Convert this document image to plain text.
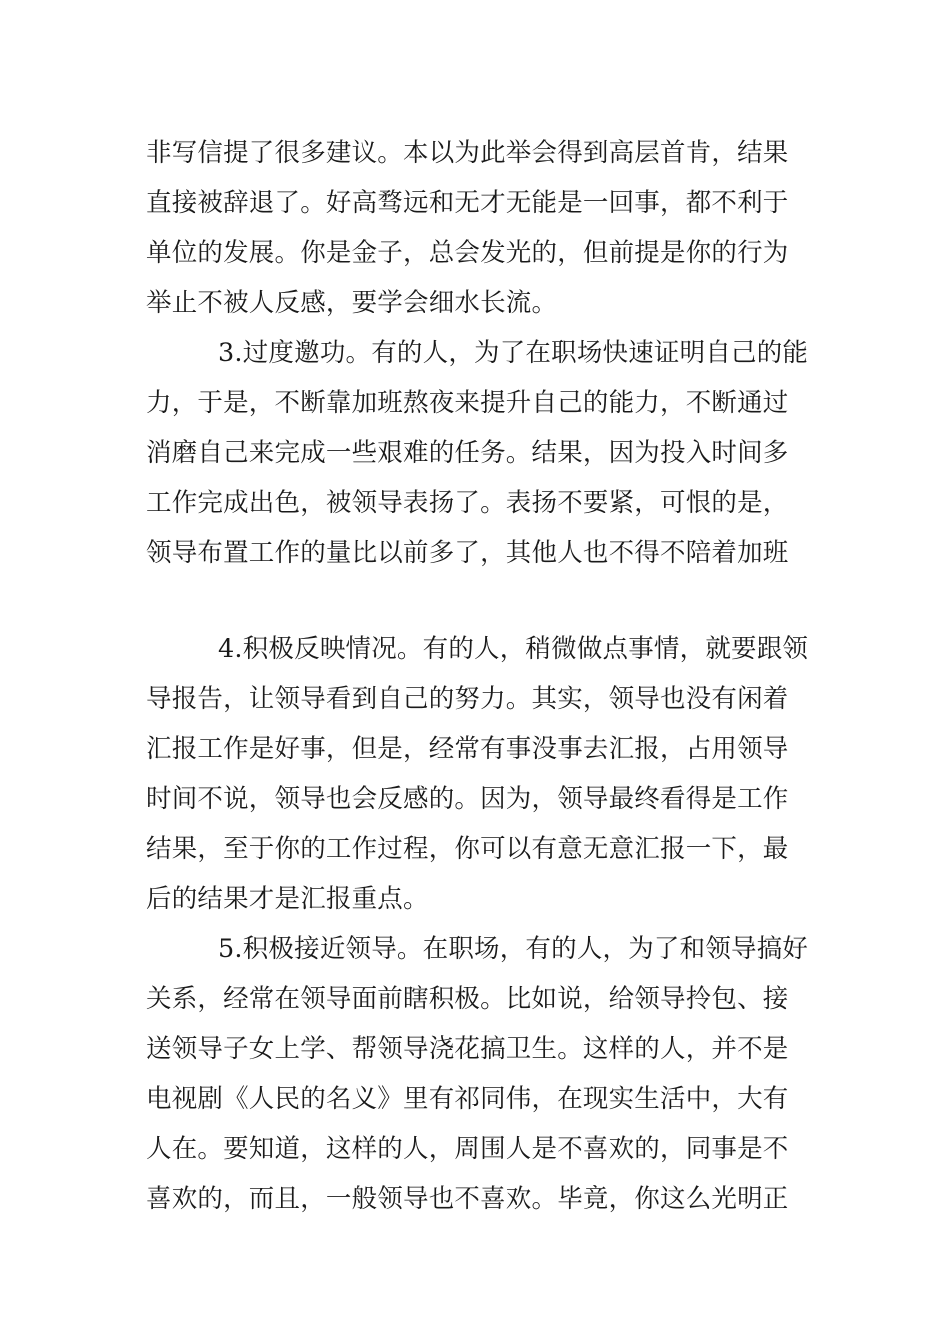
非写信提了很多建议。本以为此举会得到高层首肯，结果
直接被辞退了。好高骛远和无才无能是一回事，都不利于
单位的发展。你是金子，总会发光的，但前提是你的行为
举止不被人反感，要学会细水长流。
3.过度邀功。有的人，为了在职场快速证明自己的能
力，于是，不断靠加班熬夜来提升自己的能力，不断通过
消磨自己来完成一些艰难的任务。结果，因为投入时间多
工作完成出色，被领导表扬了。表扬不要紧，可恨的是，
领导布置工作的量比以前多了，其他人也不得不陪着加班
4.积极反映情况。有的人，稍微做点事情，就要跟领
导报告，让领导看到自己的努力。其实，领导也没有闲着
汇报工作是好事，但是，经常有事没事去汇报，占用领导
时间不说，领导也会反感的。因为，领导最终看得是工作
结果，至于你的工作过程，你可以有意无意汇报一下，最
后的结果才是汇报重点。
5.积极接近领导。在职场，有的人，为了和领导搞好
关系，经常在领导面前瞎积极。比如说，给领导拎包、接
送领导子女上学、帮领导浇花搞卫生。这样的人，并不是
电视剧《人民的名义》里有祁同伟，在现实生活中，大有
人在。要知道，这样的人，周围人是不喜欢的，同事是不
喜欢的，而且，一般领导也不喜欢。毕竟，你这么光明正
